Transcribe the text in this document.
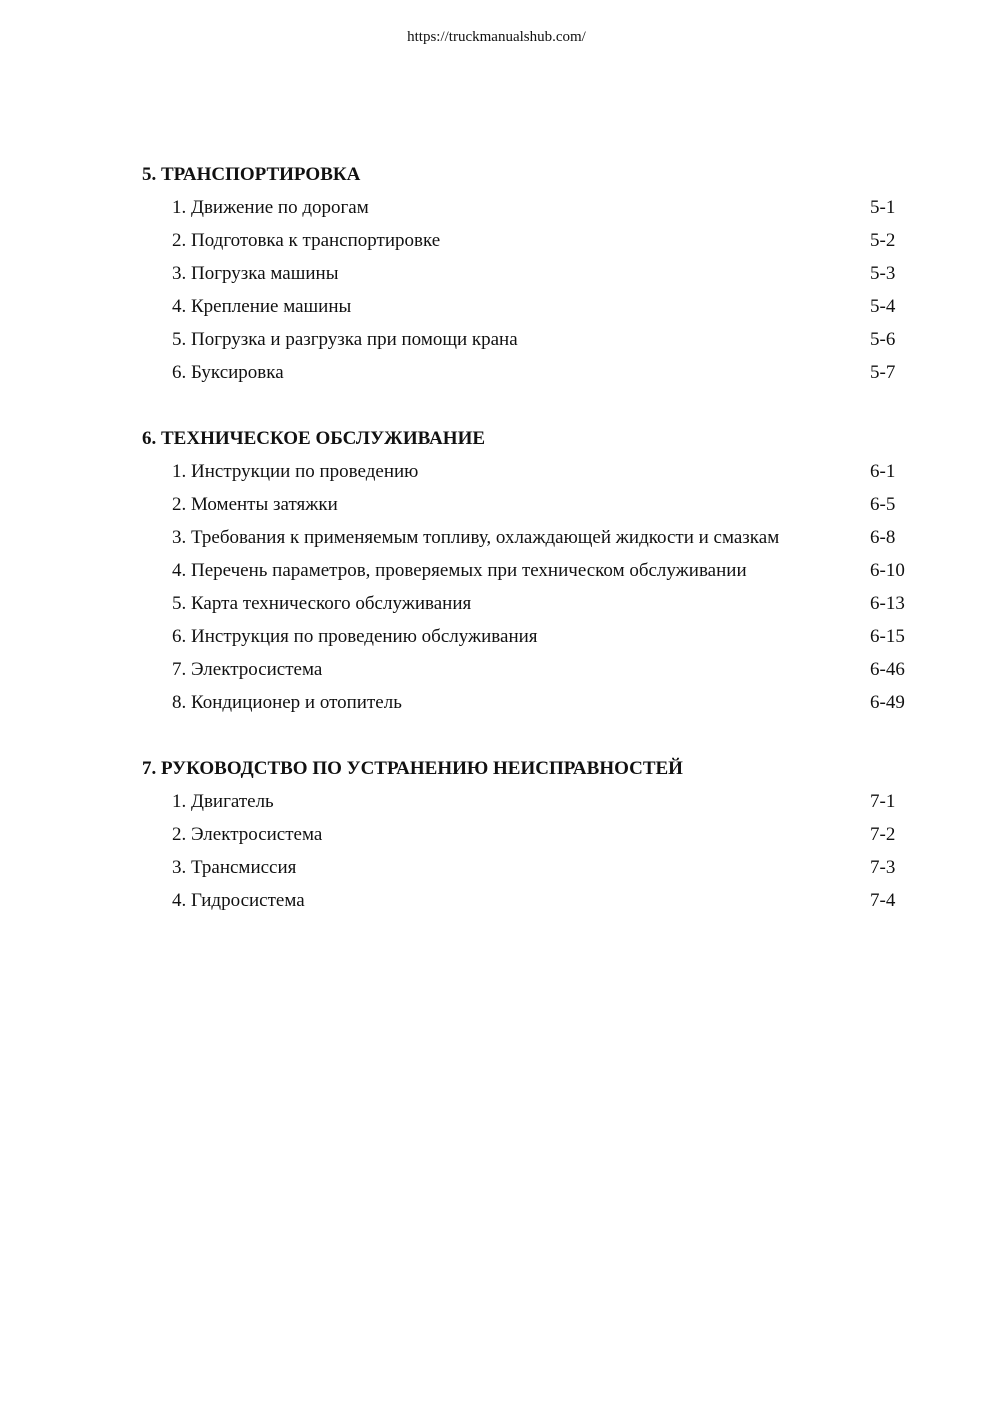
https://truckmanualshub.com/
5. ТРАНСПОРТИРОВКА
1. Движение по дорогам	5-1
2. Подготовка к транспортировке	5-2
3. Погрузка машины	5-3
4. Крепление машины	5-4
5. Погрузка и разгрузка при помощи крана	5-6
6. Буксировка	5-7
6. ТЕХНИЧЕСКОЕ ОБСЛУЖИВАНИЕ
1. Инструкции по проведению	6-1
2. Моменты затяжки	6-5
3. Требования к применяемым топливу, охлаждающей жидкости и смазкам	6-8
4. Перечень параметров, проверяемых при техническом обслуживании	6-10
5. Карта технического обслуживания	6-13
6. Инструкция по проведению обслуживания	6-15
7. Электросистема	6-46
8. Кондиционер и отопитель	6-49
7. РУКОВОДСТВО ПО УСТРАНЕНИЮ НЕИСПРАВНОСТЕЙ
1. Двигатель	7-1
2. Электросистема	7-2
3. Трансмиссия	7-3
4. Гидросистема	7-4
